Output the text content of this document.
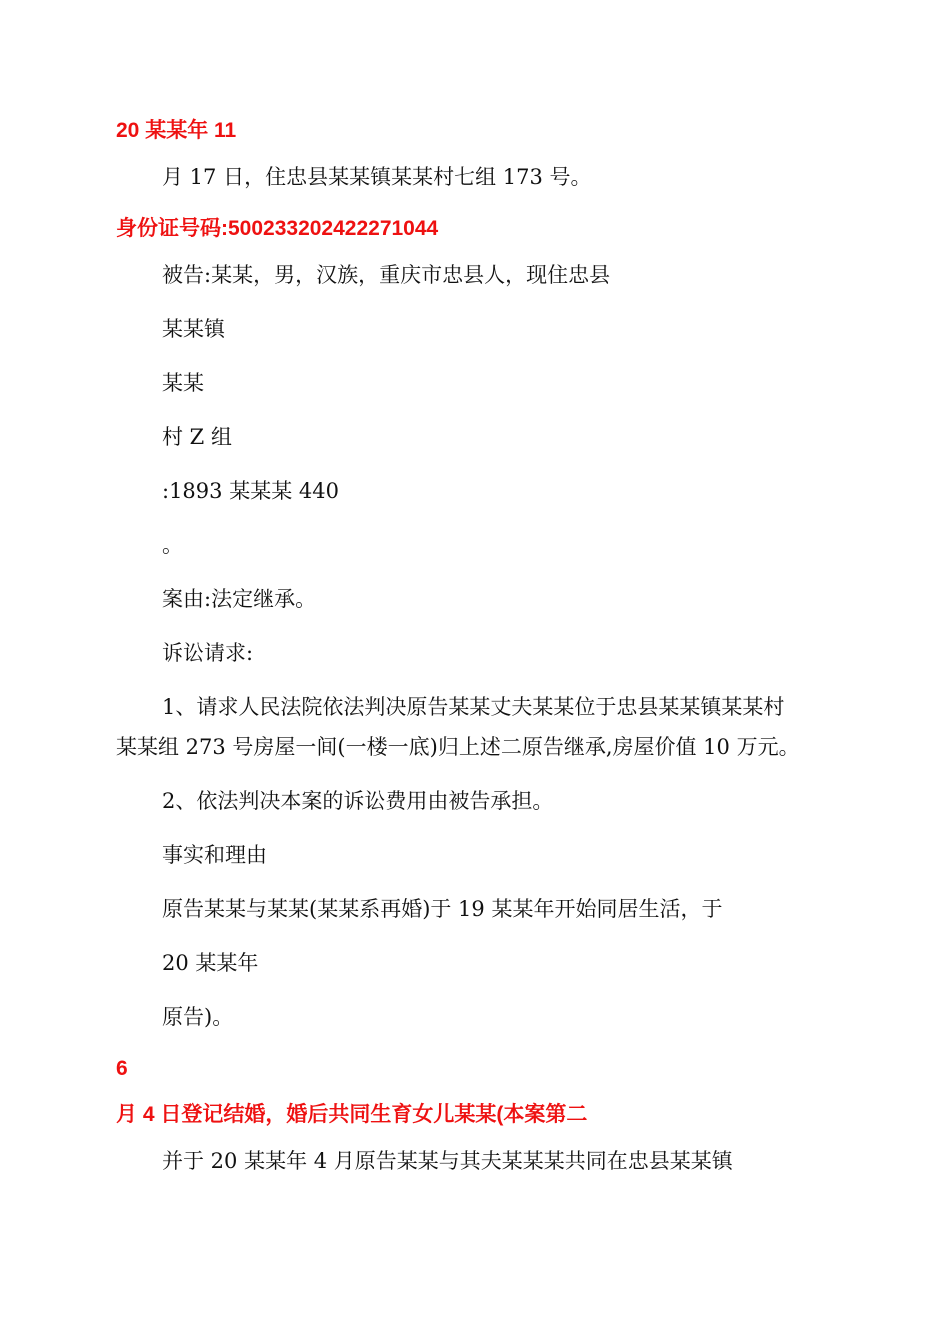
20 某某年 11
月 17 日，住忠县某某镇某某村七组 173 号。
身份证号码:500233202422271044
被告:某某，男，汉族，重庆市忠县人，现住忠县
某某镇
某某
村 Z 组
:1893 某某某 440
。
案由:法定继承。
诉讼请求:
1、请求人民法院依法判决原告某某丈夫某某位于忠县某某镇某某村
某某组 273 号房屋一间(一楼一底)归上述二原告继承,房屋价值 10 万元。
2、依法判决本案的诉讼费用由被告承担。
事实和理由
原告某某与某某(某某系再婚)于 19 某某年开始同居生活，于
20 某某年
原告)。
6
月 4 日登记结婚，婚后共同生育女儿某某(本案第二
并于 20 某某年 4 月原告某某与其夫某某某共同在忠县某某镇
